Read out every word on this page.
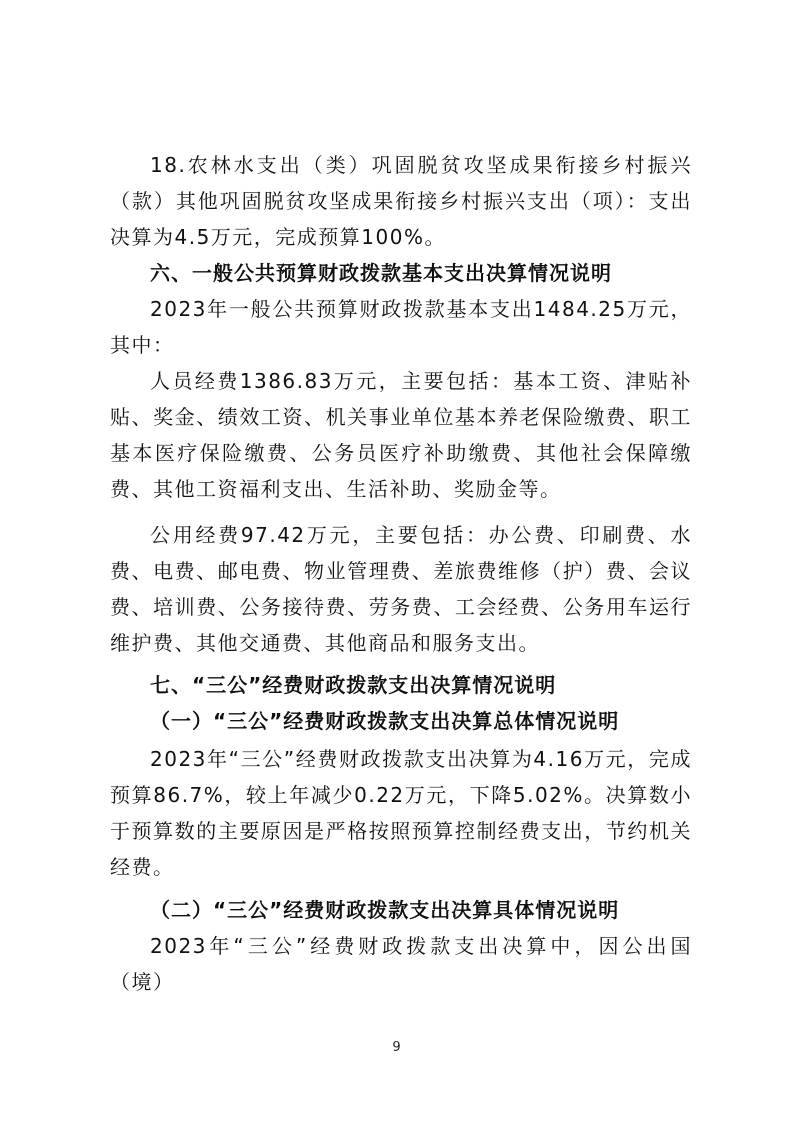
18.农林水支出（类）巩固脱贫攻坚成果衔接乡村振兴（款）其他巩固脱贫攻坚成果衔接乡村振兴支出（项）：支出决算为4.5万元，完成预算100%。

六、一般公共预算财政拨款基本支出决算情况说明

2023年一般公共预算财政拨款基本支出1484.25万元，其中：

人员经费1386.83万元，主要包括：基本工资、津贴补贴、奖金、绩效工资、机关事业单位基本养老保险缴费、职工基本医疗保险缴费、公务员医疗补助缴费、其他社会保障缴费、其他工资福利支出、生活补助、奖励金等。

公用经费97.42万元，主要包括：办公费、印刷费、水费、电费、邮电费、物业管理费、差旅费维修（护）费、会议费、培训费、公务接待费、劳务费、工会经费、公务用车运行维护费、其他交通费、其他商品和服务支出。

七、“三公”经费财政拨款支出决算情况说明

（一）“三公”经费财政拨款支出决算总体情况说明

2023年“三公”经费财政拨款支出决算为4.16万元，完成预算86.7%，较上年减少0.22万元，下降5.02%。决算数小于预算数的主要原因是严格按照预算控制经费支出，节约机关经费。

（二）“三公”经费财政拨款支出决算具体情况说明

2023年“三公”经费财政拨款支出决算中，因公出国（境）

9
